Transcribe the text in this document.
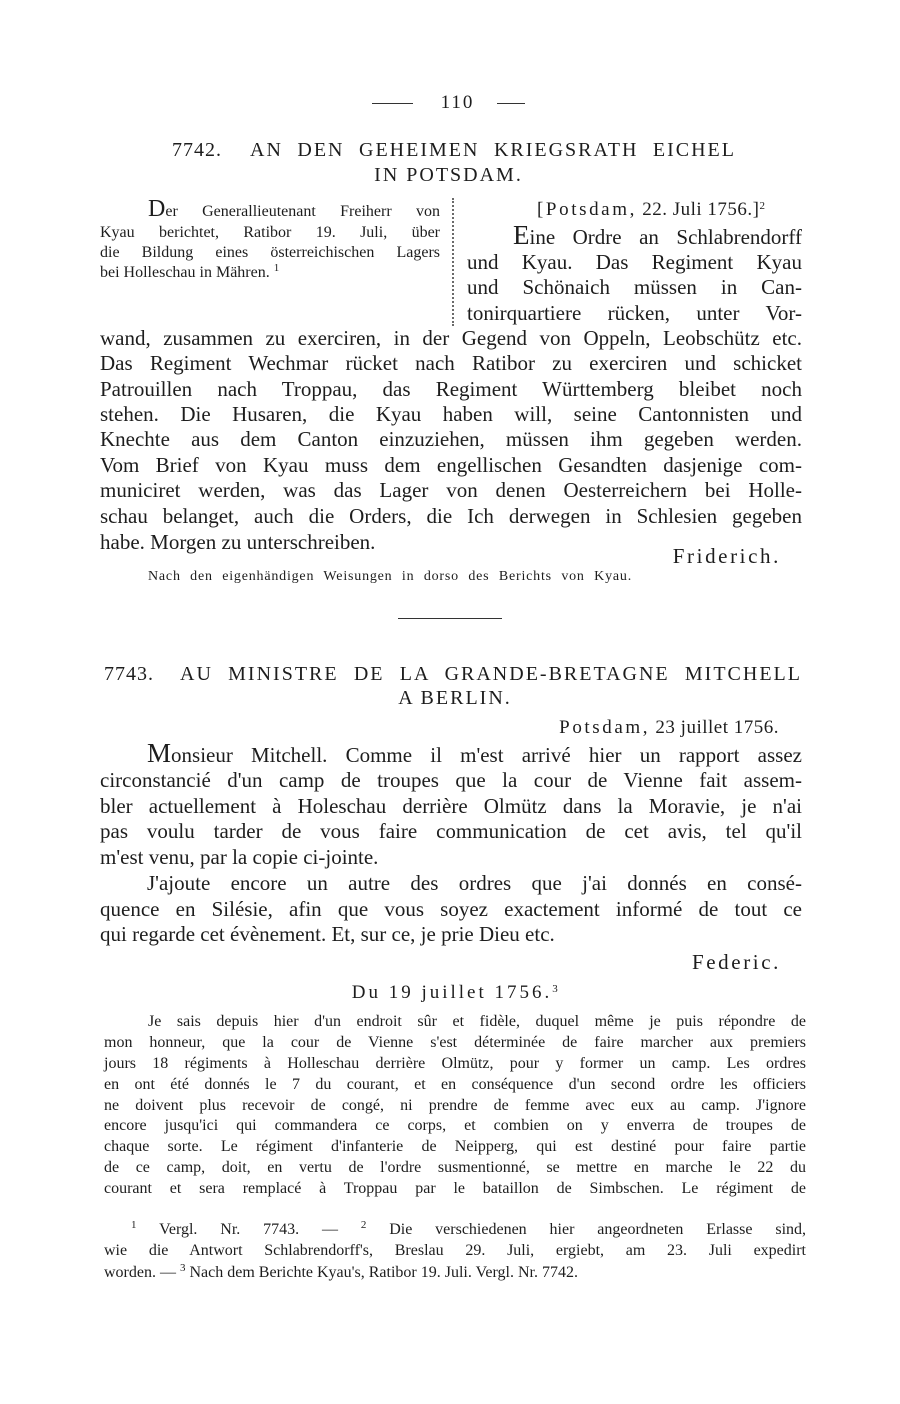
110
7742. AN DEN GEHEIMEN KRIEGSRATH EICHEL
IN POTSDAM.
Der Generallieutenant Freiherr von
Kyau berichtet, Ratibor 19. Juli, über
die Bildung eines österreichischen Lagers
bei Holleschau in Mähren. $^1$
[Potsdam, 22. Juli 1756.]$^2$
Eine Ordre an Schlabrendorff
und Kyau. Das Regiment Kyau
und Schönaich müssen in Can-
tonirquartiere rücken, unter Vor-
wand, zusammen zu exerciren, in der Gegend von Oppeln, Leobschütz etc.
Das Regiment Wechmar rücket nach Ratibor zu exerciren und schicket
Patrouillen nach Troppau, das Regiment Württemberg bleibet noch
stehen. Die Husaren, die Kyau haben will, seine Cantonnisten und
Knechte aus dem Canton einzuziehen, müssen ihm gegeben werden.
Vom Brief von Kyau muss dem engellischen Gesandten dasjenige com-
municiret werden, was das Lager von denen Oesterreichern bei Holle-
schau belanget, auch die Orders, die Ich derwegen in Schlesien gegeben
habe. Morgen zu unterschreiben.
Friderich.
Nach den eigenhändigen Weisungen in dorso des Berichts von Kyau.
7743. AU MINISTRE DE LA GRANDE-BRETAGNE MITCHELL
A BERLIN.
Potsdam, 23 juillet 1756.
Monsieur Mitchell. Comme il m'est arrivé hier un rapport assez
circonstancié d'un camp de troupes que la cour de Vienne fait assem-
bler actuellement à Holeschau derrière Olmütz dans la Moravie, je n'ai
pas voulu tarder de vous faire communication de cet avis, tel qu'il
m'est venu, par la copie ci-jointe.
J'ajoute encore un autre des ordres que j'ai donnés en consé-
quence en Silésie, afin que vous soyez exactement informé de tout ce
qui regarde cet évènement. Et, sur ce, je prie Dieu etc.
Federic.
Du 19 juillet 1756.$^3$
Je sais depuis hier d'un endroit sûr et fidèle, duquel même je puis répondre de
mon honneur, que la cour de Vienne s'est déterminée de faire marcher aux premiers
jours 18 régiments à Holleschau derrière Olmütz, pour y former un camp. Les ordres
en ont été donnés le 7 du courant, et en conséquence d'un second ordre les officiers
ne doivent plus recevoir de congé, ni prendre de femme avec eux au camp. J'ignore
encore jusqu'ici qui commandera ce corps, et combien on y enverra de troupes de
chaque sorte. Le régiment d'infanterie de Neipperg, qui est destiné pour faire partie
de ce camp, doit, en vertu de l'ordre susmentionné, se mettre en marche le 22 du
courant et sera remplacé à Troppau par le bataillon de Simbschen. Le régiment de
$^1$ Vergl. Nr. 7743. — $^2$ Die verschiedenen hier angeordneten Erlasse sind,
wie die Antwort Schlabrendorff's, Breslau 29. Juli, ergiebt, am 23. Juli expedirt
worden. — $^3$ Nach dem Berichte Kyau's, Ratibor 19. Juli. Vergl. Nr. 7742.
